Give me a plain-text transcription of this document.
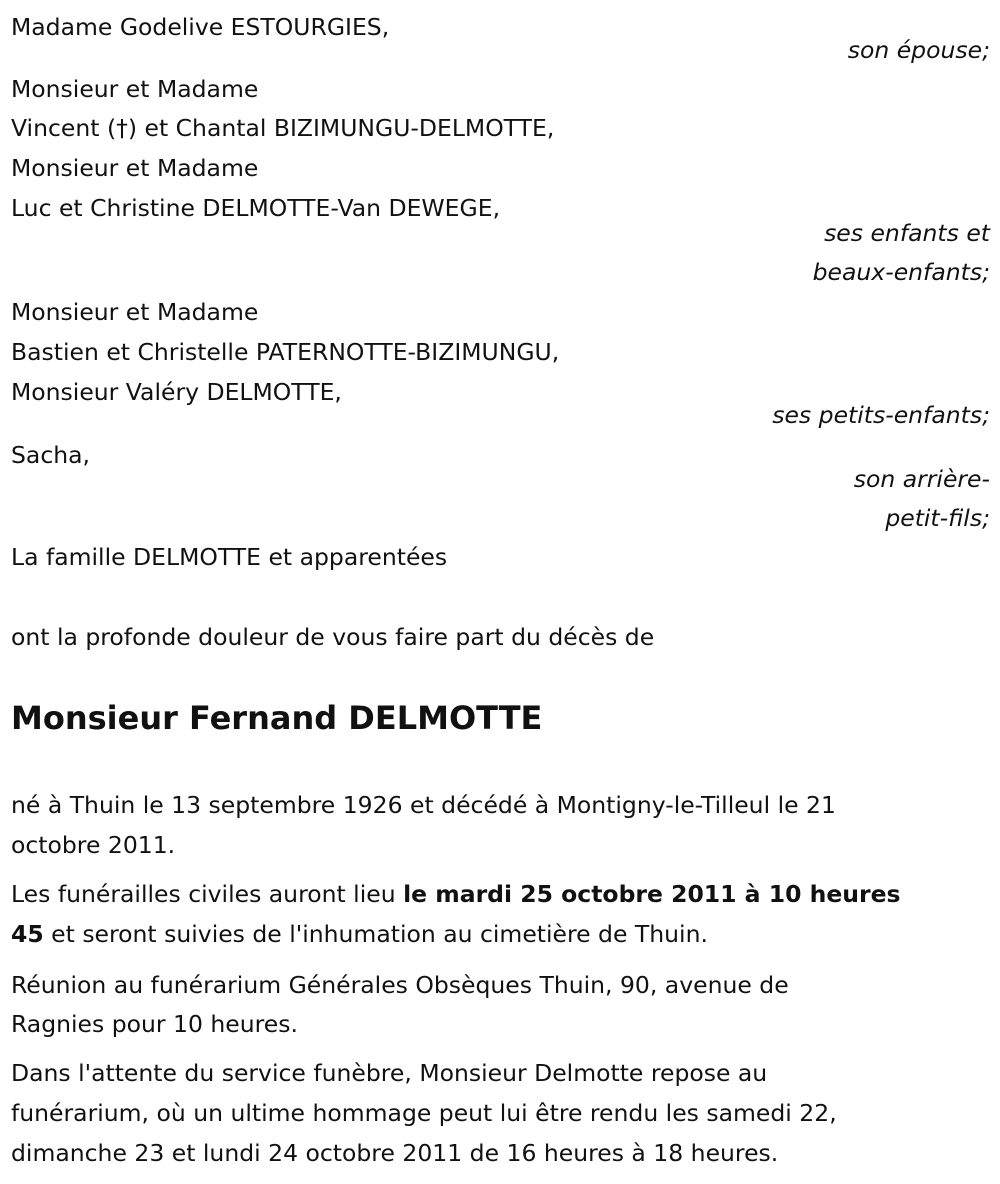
Madame Godelive ESTOURGIES,
son épouse;
Monsieur et Madame
Vincent (†) et Chantal BIZIMUNGU-DELMOTTE,
Monsieur et Madame
Luc et Christine DELMOTTE-Van DEWEGE,
ses enfants et
beaux-enfants;
Monsieur et Madame
Bastien et Christelle PATERNOTTE-BIZIMUNGU,
Monsieur Valéry DELMOTTE,
ses petits-enfants;
Sacha,
son arrière-
petit-fils;
La famille DELMOTTE et apparentées
ont la profonde douleur de vous faire part du décès de
Monsieur Fernand DELMOTTE
né à Thuin le 13 septembre 1926 et décédé à Montigny-le-Tilleul le 21
octobre 2011.
Les funérailles civiles auront lieu le mardi 25 octobre 2011 à 10 heures
45 et seront suivies de l'inhumation au cimetière de Thuin.
Réunion au funérarium Générales Obsèques Thuin, 90, avenue de
Ragnies pour 10 heures.
Dans l'attente du service funèbre, Monsieur Delmotte repose au
funérarium, où un ultime hommage peut lui être rendu les samedi 22,
dimanche 23 et lundi 24 octobre 2011 de 16 heures à 18 heures.
